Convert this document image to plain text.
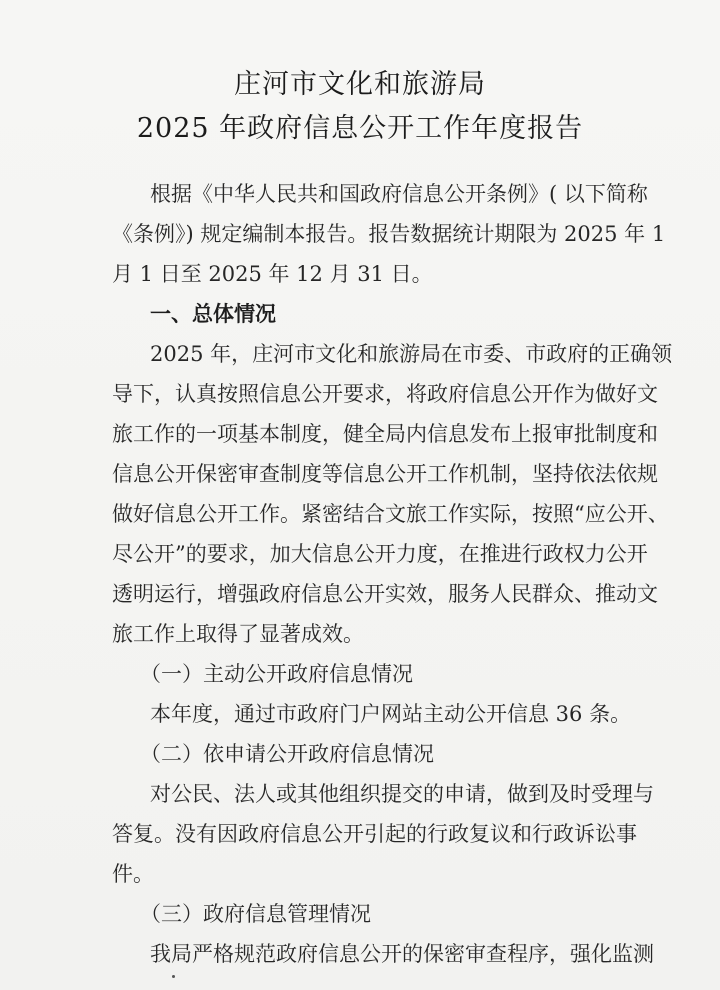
庄河市文化和旅游局
2025 年政府信息公开工作年度报告
根据《中华人民共和国政府信息公开条例》( 以下简称
《条例》) 规定编制本报告。报告数据统计期限为 2025 年 1
月 1 日至 2025 年 12 月 31 日。
一、总体情况
2025 年，庄河市文化和旅游局在市委、市政府的正确领
导下，认真按照信息公开要求，将政府信息公开作为做好文
旅工作的一项基本制度，健全局内信息发布上报审批制度和
信息公开保密审查制度等信息公开工作机制，坚持依法依规
做好信息公开工作。紧密结合文旅工作实际，按照“应公开、
尽公开”的要求，加大信息公开力度，在推进行政权力公开
透明运行，增强政府信息公开实效，服务人民群众、推动文
旅工作上取得了显著成效。
（一）主动公开政府信息情况
本年度，通过市政府门户网站主动公开信息 36 条。
（二）依申请公开政府信息情况
对公民、法人或其他组织提交的申请，做到及时受理与
答复。没有因政府信息公开引起的行政复议和行政诉讼事
件。
（三）政府信息管理情况
我局严格规范政府信息公开的保密审查程序，强化监测
